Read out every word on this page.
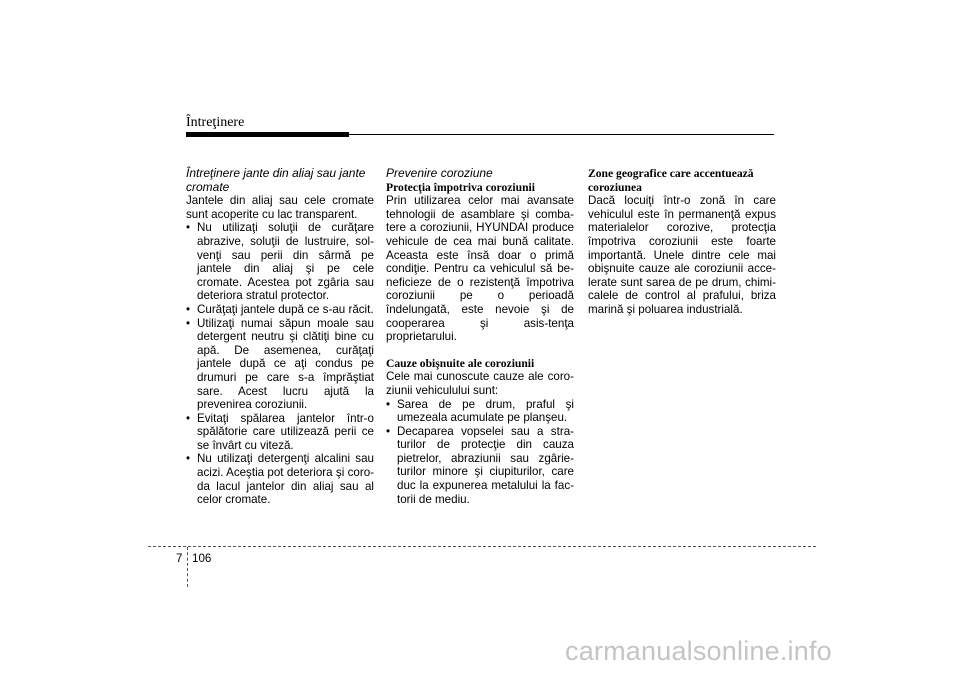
Întreţinere
Întreţinere jante din aliaj sau jante cromate

Jantele din aliaj sau cele cromate sunt acoperite cu lac transparent.

• Nu utilizaţi soluţii de curăţare abrazive, soluţii de lustruire, sol-venţi sau perii din sârmă pe jantele din aliaj şi pe cele cromate. Acestea pot zgâria sau deteriora stratul protector.
• Curăţaţi jantele după ce s-au răcit.
• Utilizaţi numai săpun moale sau detergent neutru şi clătiţi bine cu apă. De asemenea, curăţaţi jantele după ce aţi condus pe drumuri pe care s-a împrăştiat sare. Acest lucru ajută la prevenirea coroziunii.
• Evitaţi spălarea jantelor într-o spălătorie care utilizează perii ce se învârt cu viteză.
• Nu utilizaţi detergenţi alcalini sau acizi. Aceştia pot deteriora şi coro-da lacul jantelor din aliaj sau al celor cromate.
Prevenire coroziune
Protecţia împotriva coroziunii

Prin utilizarea celor mai avansate tehnologii de asamblare şi comba-tere a coroziunii, HYUNDAI produce vehicule de cea mai bună calitate. Aceasta este însă doar o primă condiţie. Pentru ca vehiculul să be-neficieze de o rezistenţă împotriva coroziunii pe o perioadă îndelungată, este nevoie şi de cooperarea şi asis-tenţa proprietarului.

Cauze obişnuite ale coroziunii

Cele mai cunoscute cauze ale coro-ziunii vehiculului sunt:

• Sarea de pe drum, praful şi umezeala acumulate pe planşeu.
• Decaparea vopselei sau a stra-turilor de protecţie din cauza pietrelor, abraziunii sau zgârie-turilor minore şi ciupiturilor, care duc la expunerea metalului la fac-torii de mediu.
Zone geografice care accentuează coroziunea

Dacă locuiţi într-o zonă în care vehiculul este în permanenţă expus materialelor corozive, protecţia împotriva coroziunii este foarte importantă. Unele dintre cele mai obişnuite cauze ale coroziunii acce-lerate sunt sarea de pe drum, chimi-calele de control al prafului, briza marină şi poluarea industrială.

7 106
carmanualsonline.info
